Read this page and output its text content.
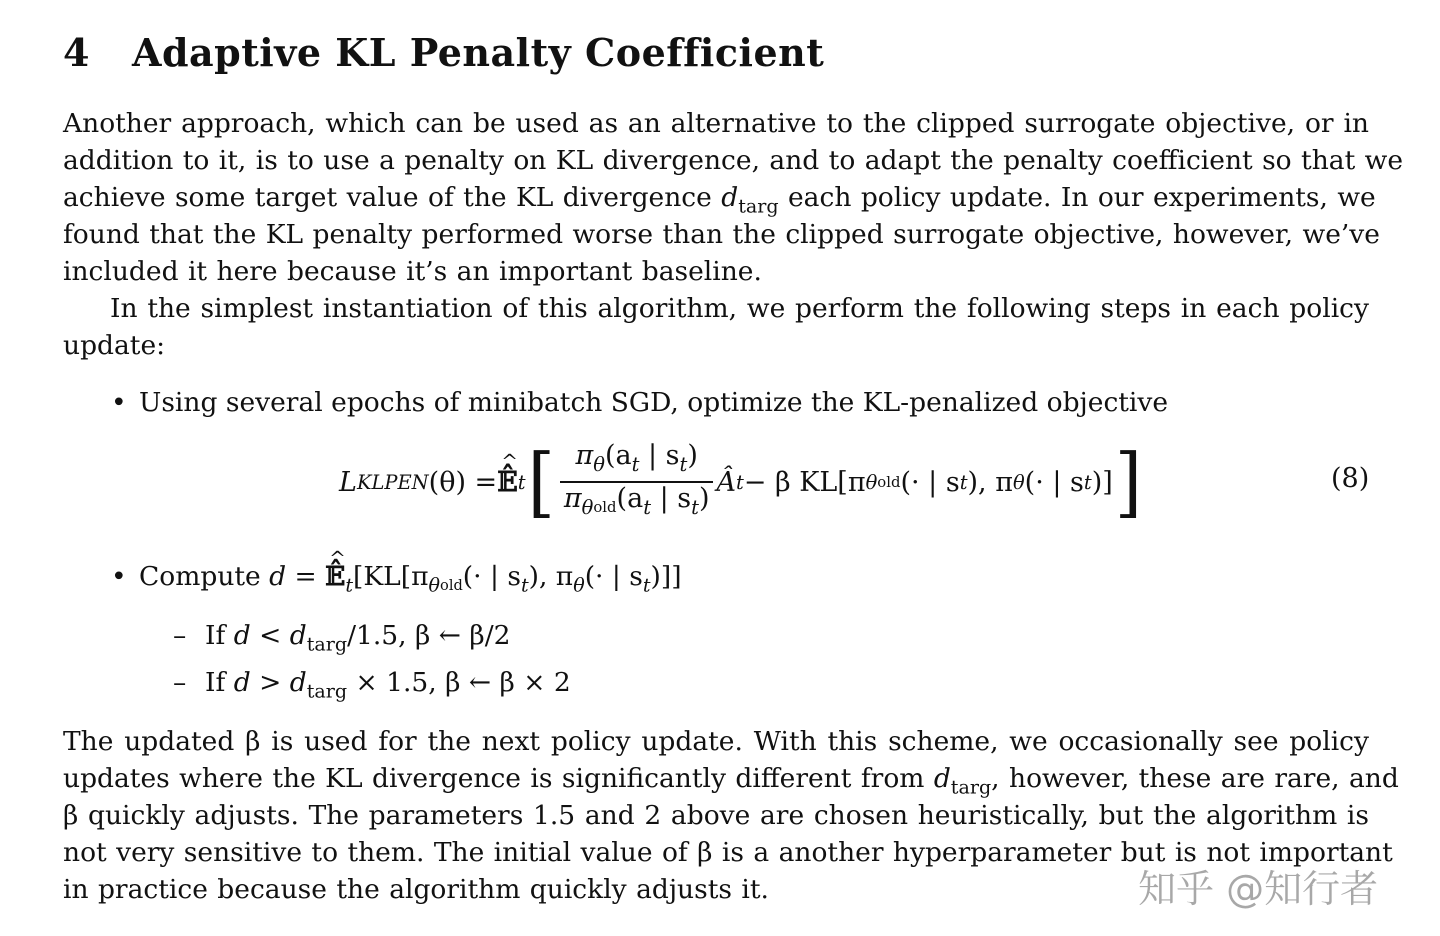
4 Adaptive KL Penalty Coefficient

Another approach, which can be used as an alternative to the clipped surrogate objective, or in
addition to it, is to use a penalty on KL divergence, and to adapt the penalty coefficient so that we
achieve some target value of the KL divergence $d_{targ}$ each policy update. In our experiments, we
found that the KL penalty performed worse than the clipped surrogate objective, however, we’ve
included it here because it’s an important baseline.

In the simplest instantiation of this algorithm, we perform the following steps in each policy
update:

• Using several epochs of minibatch SGD, optimize the KL-penalized objective
L KLPEN (θ) =
^ 𝔼̂ t [ $\frac{\pi_\theta(a_t | s_t)}{\pi_{\theta old}(a_t | s_t)}$ Â t − β KL[π θ old (· | s t ), π θ (· | s t )] ]	(8)
• Compute d = ^ $𝔼̂_t[KL[\pi_{\theta old}(\cdot$ | $s_t$), $\pi_\theta(\cdot$ | $s_t$)]]
– If $d < d_{targ}/1.5$, β ← β/2
– If $d > d_{targ} \times 1.5$, β ← β × 2

The updated β is used for the next policy update. With this scheme, we occasionally see policy
updates where the KL divergence is significantly different from $d_{targ}$, however, these are rare, and
β quickly adjusts. The parameters 1.5 and 2 above are chosen heuristically, but the algorithm is
not very sensitive to them. The initial value of β is a another hyperparameter but is not important
in practice because the algorithm quickly adjusts it.	知乎 @知行者
